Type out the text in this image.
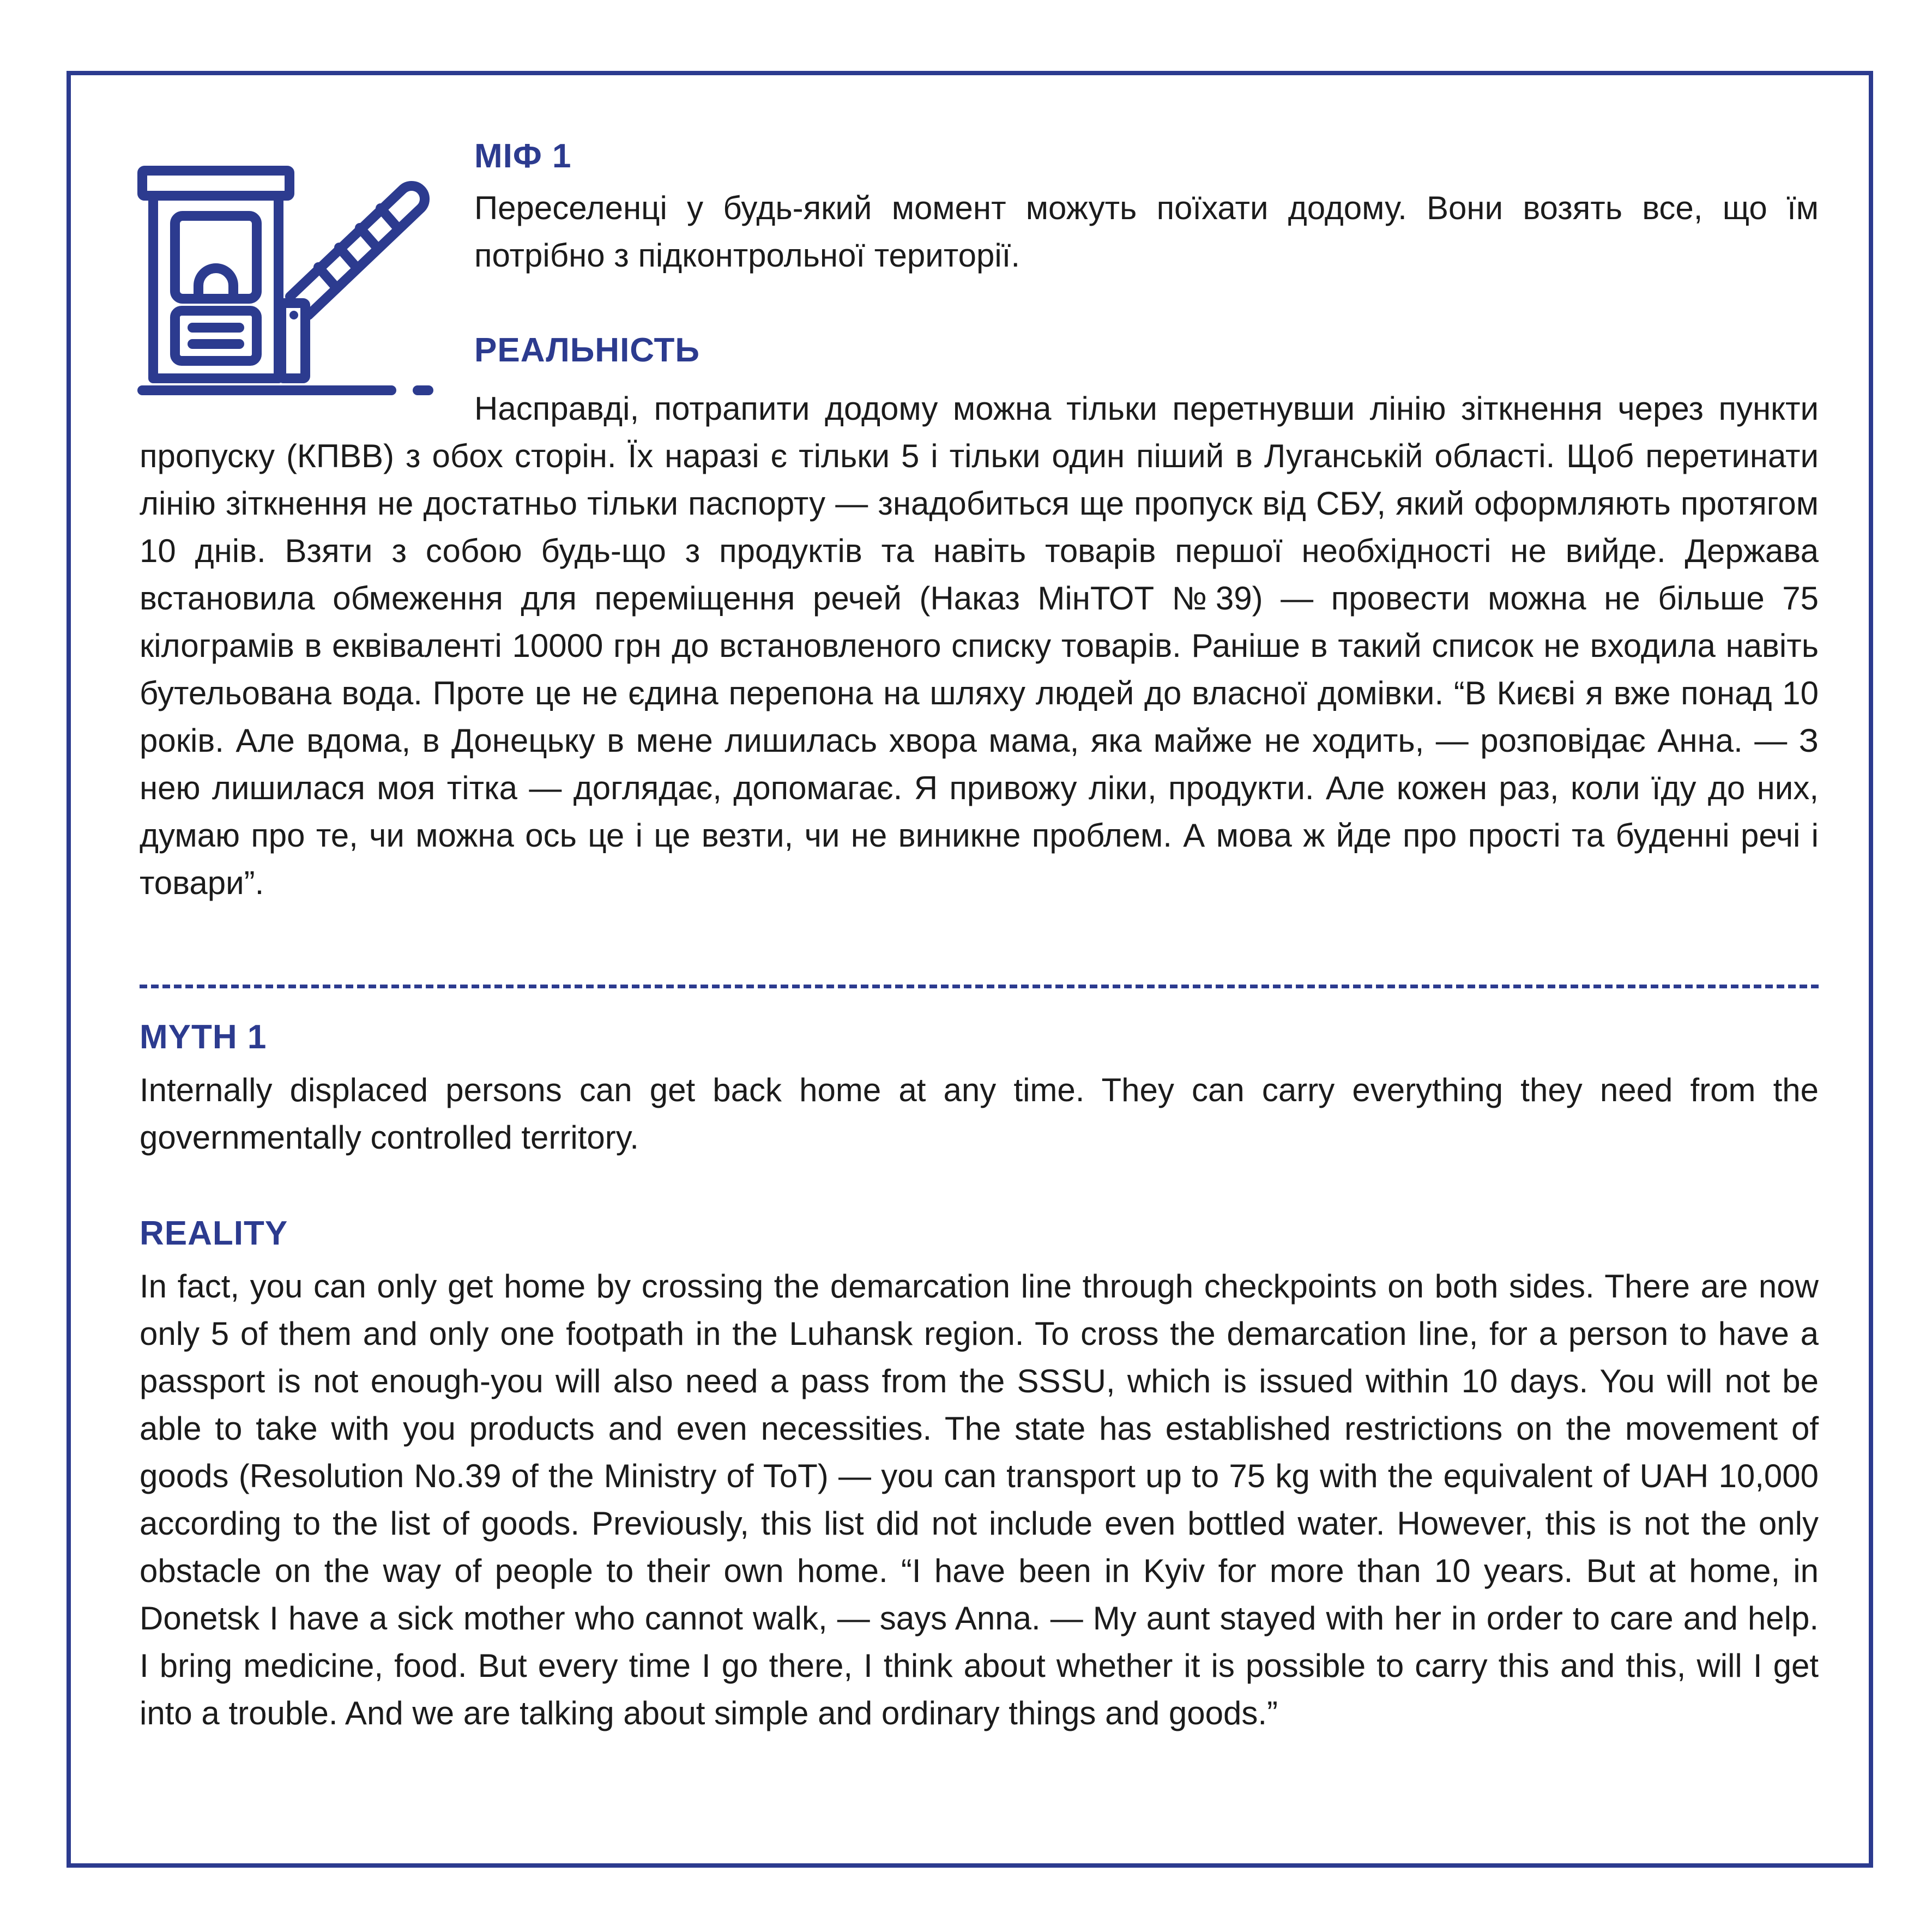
МІФ 1
Переселенці у будь-який момент можуть поїхати додому. Вони возять все, що їм потрібно з підконтрольної території.
РЕАЛЬНІСТЬ
Насправді, потрапити додому можна тільки перетнувши лінію зіткнення через пункти пропуску (КПВВ) з обох сторін. Їх наразі є тільки 5 і тільки один піший в Луганській області. Щоб перетинати лінію зіткнення не достатньо тільки паспорту — знадобиться ще пропуск від СБУ, який оформляють протягом 10 днів. Взяти з собою будь-що з продуктів та навіть товарів першої необхідності не вийде. Держава встановила обмеження для переміщення речей (Наказ МінТОТ №39) — провести можна не більше 75 кілограмів в еквіваленті 10000 грн до встановленого списку товарів. Раніше в такий список не входила навіть бутельована вода. Проте це не єдина перепона на шляху людей до власної домівки. “В Києві я вже понад 10 років. Але вдома, в Донецьку в мене лишилась хвора мама, яка майже не ходить, — розповідає Анна. — З нею лишилася моя тітка — доглядає, допомагає. Я привожу ліки, продукти. Але кожен раз, коли їду до них, думаю про те, чи можна ось це і це везти, чи не виникне проблем. А мова ж йде про прості та буденні речі і товари”.
MYTH 1
Internally displaced persons can get back home at any time. They can carry everything they need from the governmentally controlled territory.
REALITY
In fact, you can only get home by crossing the demarcation line through checkpoints on both sides. There are now only 5 of them and only one footpath in the Luhansk region. To cross the demarcation line, for a person to have a passport is not enough-you will also need a pass from the SSSU, which is issued within 10 days. You will not be able to take with you products and even necessities. The state has established restrictions on the movement of goods (Resolution No.39 of the Ministry of ToT) — you can transport up to 75 kg with the equivalent of UAH 10,000 according to the list of goods. Previously, this list did not include even bottled water. However, this is not the only obstacle on the way of people to their own home. “I have been in Kyiv for more than 10 years. But at home, in Donetsk I have a sick mother who cannot walk, — says Anna. — My aunt stayed with her in order to care and help. I bring medicine, food. But every time I go there, I think about whether it is possible to carry this and this, will I get into a trouble. And we are talking about simple and ordinary things and goods.”
